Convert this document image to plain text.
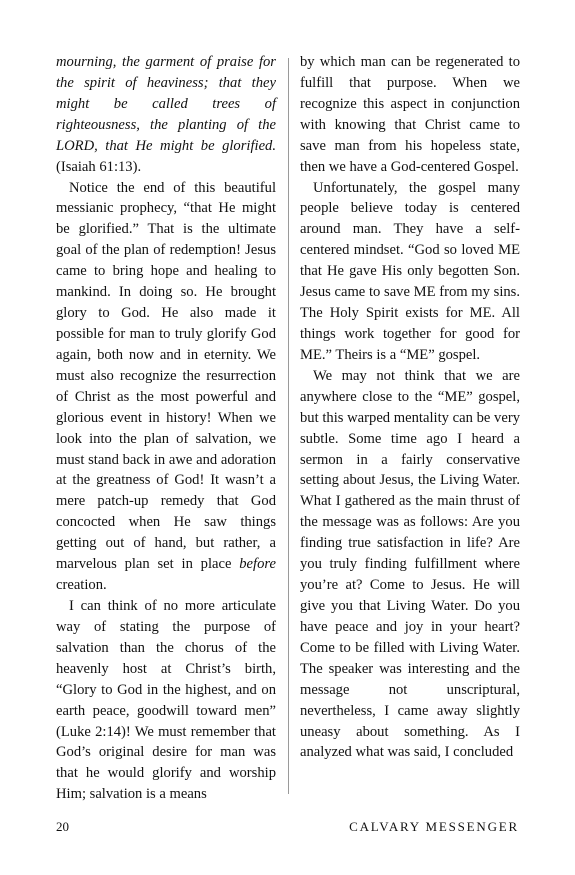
mourning, the garment of praise for the spirit of heaviness; that they might be called trees of righteousness, the planting of the LORD, that He might be glorified. (Isaiah 61:13).

Notice the end of this beautiful messianic prophecy, “that He might be glorified.” That is the ultimate goal of the plan of redemption! Jesus came to bring hope and healing to mankind. In doing so. He brought glory to God. He also made it possible for man to truly glorify God again, both now and in eternity. We must also recognize the resurrection of Christ as the most powerful and glorious event in history! When we look into the plan of salvation, we must stand back in awe and adoration at the greatness of God! It wasn’t a mere patch-up remedy that God concocted when He saw things getting out of hand, but rather, a marvelous plan set in place before creation.

I can think of no more articulate way of stating the purpose of salvation than the chorus of the heavenly host at Christ’s birth, “Glory to God in the highest, and on earth peace, goodwill toward men” (Luke 2:14)! We must remember that God’s original desire for man was that he would glorify and worship Him; salvation is a means

by which man can be regenerated to fulfill that purpose. When we recognize this aspect in conjunction with knowing that Christ came to save man from his hopeless state, then we have a God-centered Gospel.

Unfortunately, the gospel many people believe today is centered around man. They have a self-centered mindset. “God so loved ME that He gave His only begotten Son. Jesus came to save ME from my sins. The Holy Spirit exists for ME. All things work together for good for ME.” Theirs is a “ME” gospel.

We may not think that we are anywhere close to the “ME” gospel, but this warped mentality can be very subtle. Some time ago I heard a sermon in a fairly conservative setting about Jesus, the Living Water. What I gathered as the main thrust of the message was as follows: Are you finding true satisfaction in life? Are you truly finding fulfillment where you’re at? Come to Jesus. He will give you that Living Water. Do you have peace and joy in your heart? Come to be filled with Living Water. The speaker was interesting and the message not unscriptural, nevertheless, I came away slightly uneasy about something. As I analyzed what was said, I concluded

20	CALVARY MESSENGER
